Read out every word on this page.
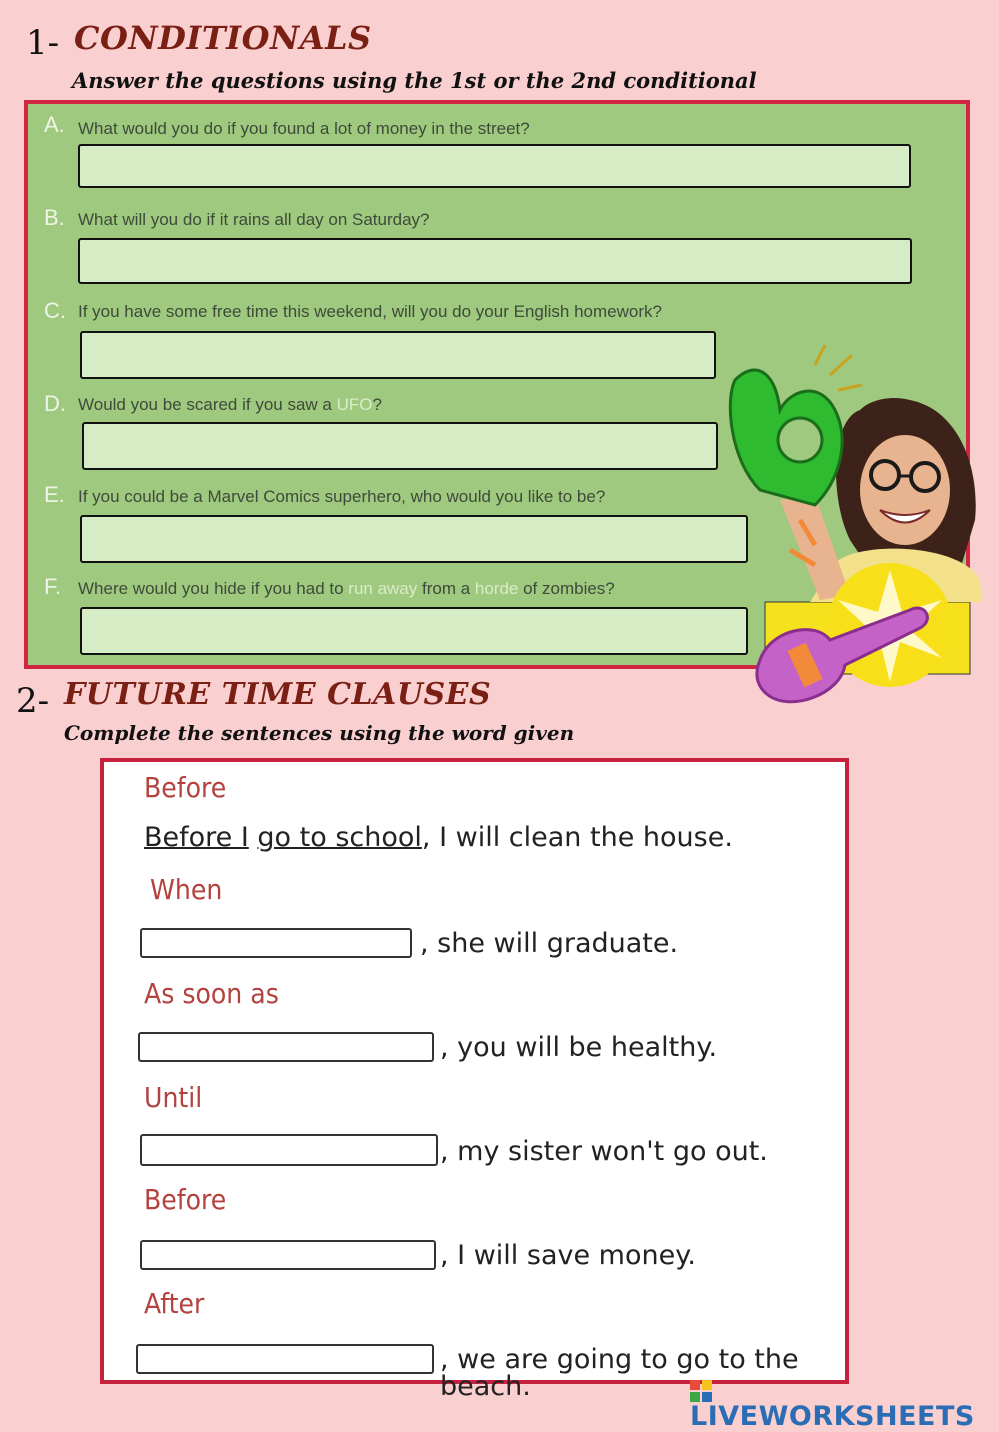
1- CONDITIONALS
Answer the questions using the 1st or the 2nd conditional
A. What would you do if you found a lot of money in the street?
B. What will you do if it rains all day on Saturday?
C. If you have some free time this weekend, will you do your English homework?
D. Would you be scared if you saw a UFO?
E. If you could be a Marvel Comics superhero, who would you like to be?
F. Where would you hide if you had to run away from a horde of zombies?
2- FUTURE TIME CLAUSES
Complete the sentences using the word given
Before
Before I go to school, I will clean the house.
When
, she will graduate.
As soon as
, you will be healthy.
Until
, my sister won't go out.
Before
, I will save money.
After
, we are going to go to the beach.
LIVEWORKSHEETS
